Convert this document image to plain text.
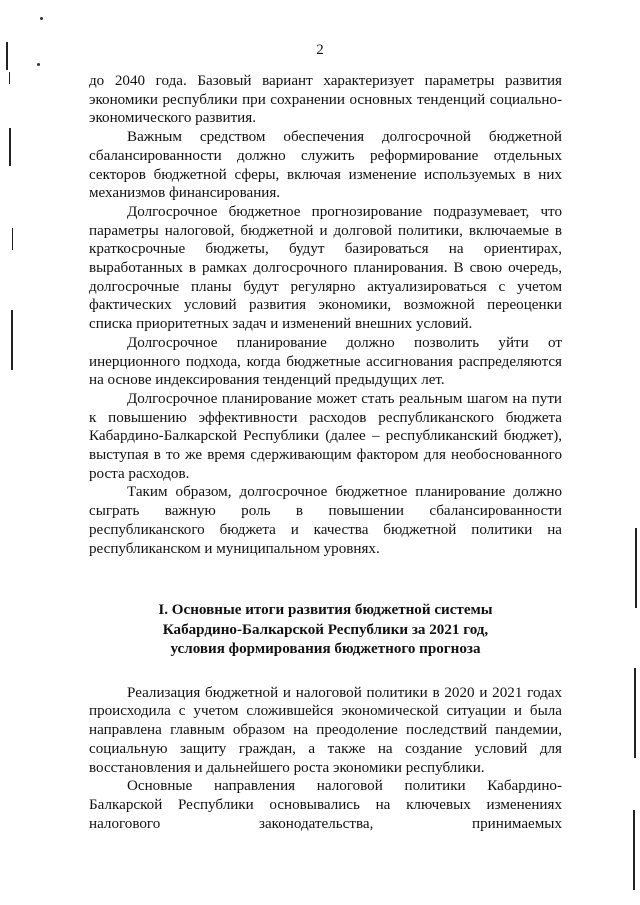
2

до 2040 года. Базовый вариант характеризует параметры развития экономики республики при сохранении основных тенденций социально-экономического развития.

Важным средством обеспечения долгосрочной бюджетной сбалансированности должно служить реформирование отдельных секторов бюджетной сферы, включая изменение используемых в них механизмов финансирования.

Долгосрочное бюджетное прогнозирование подразумевает, что параметры налоговой, бюджетной и долговой политики, включаемые в краткосрочные бюджеты, будут базироваться на ориентирах, выработанных в рамках долгосрочного планирования. В свою очередь, долгосрочные планы будут регулярно актуализироваться с учетом фактических условий развития экономики, возможной переоценки списка приоритетных задач и изменений внешних условий.

Долгосрочное планирование должно позволить уйти от инерционного подхода, когда бюджетные ассигнования распределяются на основе индексирования тенденций предыдущих лет.

Долгосрочное планирование может стать реальным шагом на пути к повышению эффективности расходов республиканского бюджета Кабардино-Балкарской Республики (далее – республиканский бюджет), выступая в то же время сдерживающим фактором для необоснованного роста расходов.

Таким образом, долгосрочное бюджетное планирование должно сыграть важную роль в повышении сбалансированности республиканского бюджета и качества бюджетной политики на республиканском и муниципальном уровнях.

I. Основные итоги развития бюджетной системы
Кабардино-Балкарской Республики за 2021 год,
условия формирования бюджетного прогноза

Реализация бюджетной и налоговой политики в 2020 и 2021 годах происходила с учетом сложившейся экономической ситуации и была направлена главным образом на преодоление последствий пандемии, социальную защиту граждан, а также на создание условий для восстановления и дальнейшего роста экономики республики.

Основные направления налоговой политики Кабардино-Балкарской Республики основывались на ключевых изменениях налогового законодательства, принимаемых
